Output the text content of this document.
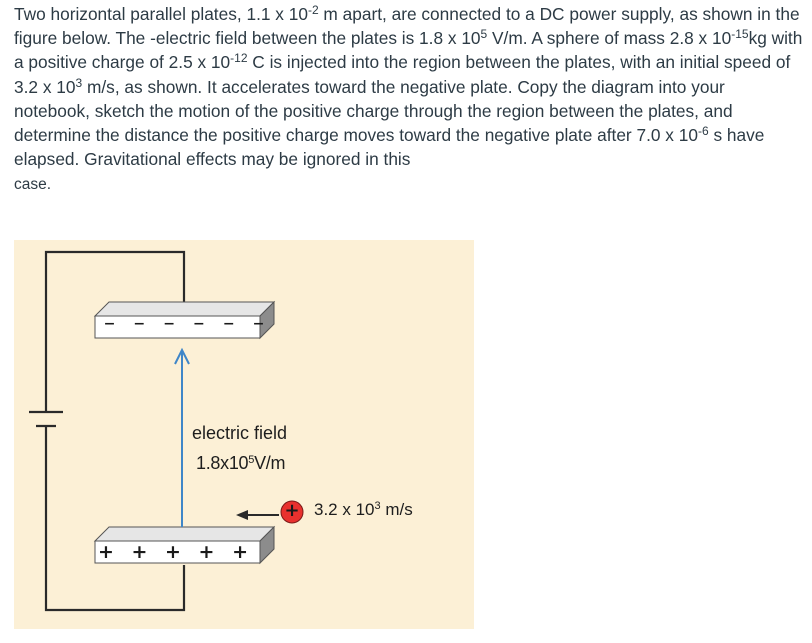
Two horizontal parallel plates, 1.1 x $10^{-2}$ m apart, are connected to a DC power supply, as shown in the figure below. The -electric field between the plates is 1.8 x $10^5$ V/m. A sphere of mass 2.8 x $10^{-15}kg$ with a positive charge of 2.5 x $10^{-12}$ C is injected into the region between the plates, with an initial speed of 3.2 x $10^3$ m/s, as shown. It accelerates toward the negative plate. Copy the diagram into your notebook, sketch the motion of the positive charge through the region between the plates, and determine the distance the positive charge moves toward the negative plate after 7.0 x $10^{-6}$ s have elapsed. Gravitational effects may be ignored in this
case.

– – – – – –
+ + + + +
+
electric field
$1.8x10^5V/m$
3.2 x $10^3$ m/s
